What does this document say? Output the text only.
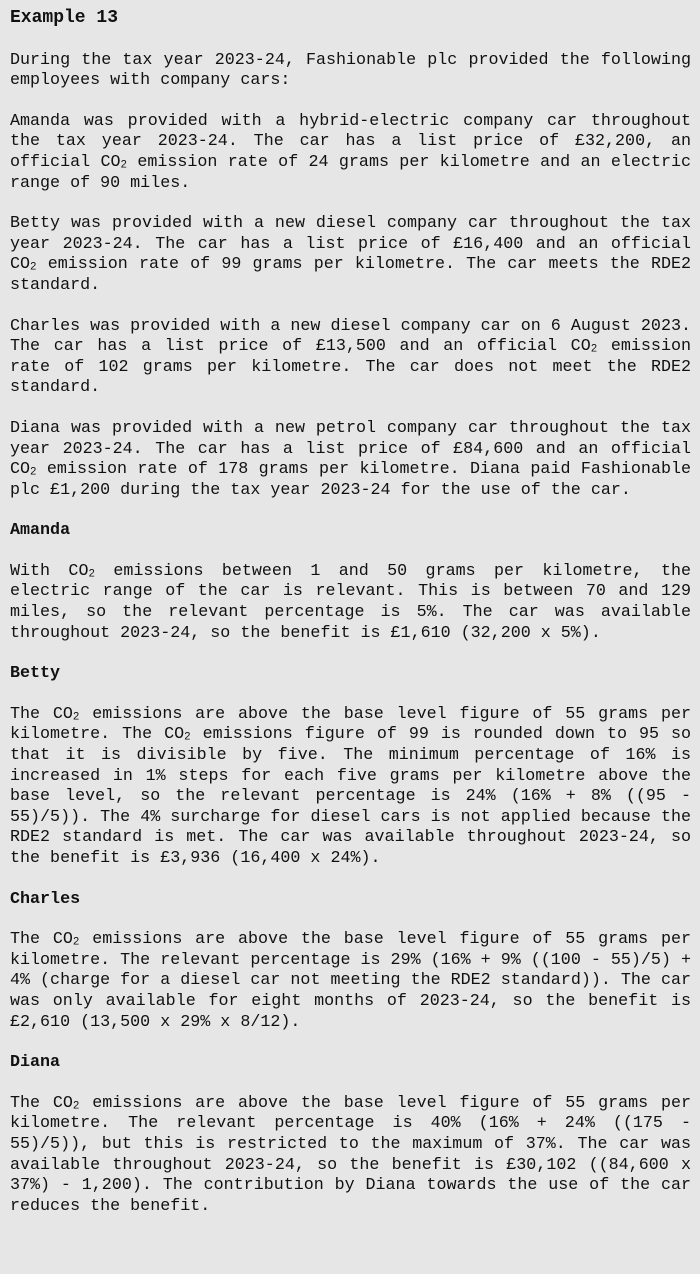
Example 13

During the tax year 2023-24, Fashionable plc provided the following employees with company cars:

Amanda was provided with a hybrid-electric company car throughout the tax year 2023-24. The car has a list price of £32,200, an official $CO_2$ emission rate of 24 grams per kilometre and an electric range of 90 miles.

Betty was provided with a new diesel company car throughout the tax year 2023-24. The car has a list price of £16,400 and an official $CO_2$ emission rate of 99 grams per kilometre. The car meets the RDE2 standard.

Charles was provided with a new diesel company car on 6 August 2023. The car has a list price of £13,500 and an official $CO_2$ emission rate of 102 grams per kilometre. The car does not meet the RDE2 standard.

Diana was provided with a new petrol company car throughout the tax year 2023-24. The car has a list price of £84,600 and an official $CO_2$ emission rate of 178 grams per kilometre. Diana paid Fashionable plc £1,200 during the tax year 2023-24 for the use of the car.

Amanda

With $CO_2$ emissions between 1 and 50 grams per kilometre, the electric range of the car is relevant. This is between 70 and 129 miles, so the relevant percentage is 5%. The car was available throughout 2023-24, so the benefit is £1,610 (32,200 x 5%).

Betty

The $CO_2$ emissions are above the base level figure of 55 grams per kilometre. The $CO_2$ emissions figure of 99 is rounded down to 95 so that it is divisible by five. The minimum percentage of 16% is increased in 1% steps for each five grams per kilometre above the base level, so the relevant percentage is 24% (16% + 8% ((95 - 55)/5)). The 4% surcharge for diesel cars is not applied because the RDE2 standard is met. The car was available throughout 2023-24, so the benefit is £3,936 (16,400 x 24%).

Charles

The $CO_2$ emissions are above the base level figure of 55 grams per kilometre. The relevant percentage is 29% (16% + 9% ((100 - 55)/5) + 4% (charge for a diesel car not meeting the RDE2 standard)). The car was only available for eight months of 2023-24, so the benefit is £2,610 (13,500 x 29% x 8/12).

Diana

The $CO_2$ emissions are above the base level figure of 55 grams per kilometre. The relevant percentage is 40% (16% + 24% ((175 - 55)/5)), but this is restricted to the maximum of 37%. The car was available throughout 2023-24, so the benefit is £30,102 ((84,600 x 37%) - 1,200). The contribution by Diana towards the use of the car reduces the benefit.
